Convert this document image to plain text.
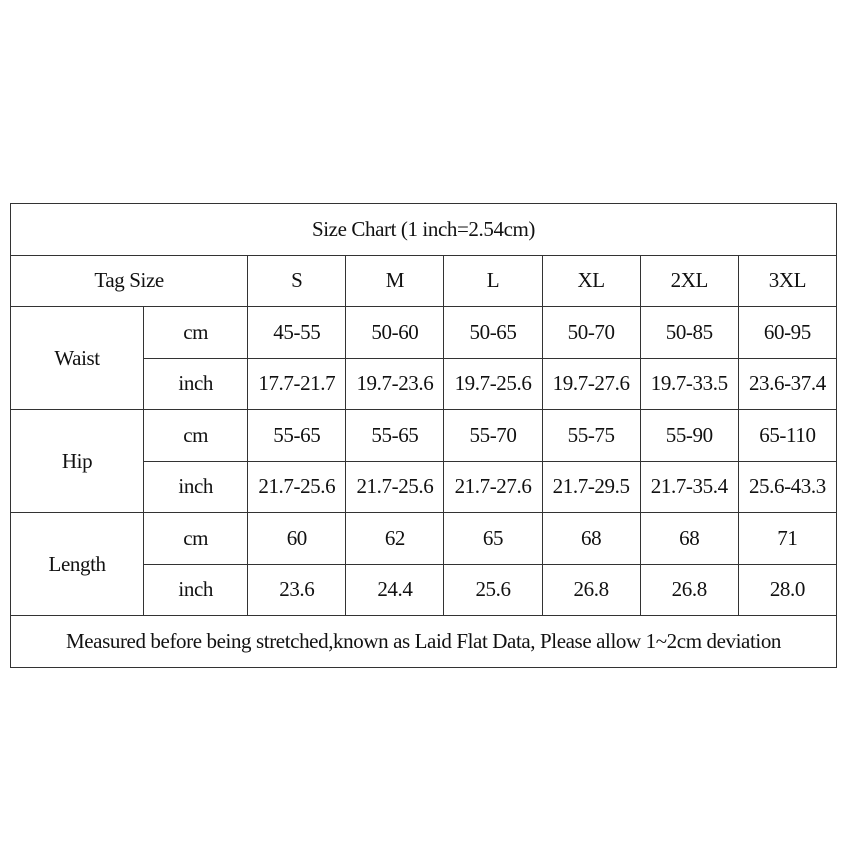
Size Chart (1 inch=2.54cm)							
Tag Size		S	M	L	XL	2XL	3XL
Waist	cm	45-55	50-60	50-65	50-70	50-85	60-95
	inch	17.7-21.7	19.7-23.6	19.7-25.6	19.7-27.6	19.7-33.5	23.6-37.4
Hip	cm	55-65	55-65	55-70	55-75	55-90	65-110
	inch	21.7-25.6	21.7-25.6	21.7-27.6	21.7-29.5	21.7-35.4	25.6-43.3
Length	cm	60	62	65	68	68	71
	inch	23.6	24.4	25.6	26.8	26.8	28.0
Measured before being stretched,known as Laid Flat Data, Please allow 1~2cm deviation							
